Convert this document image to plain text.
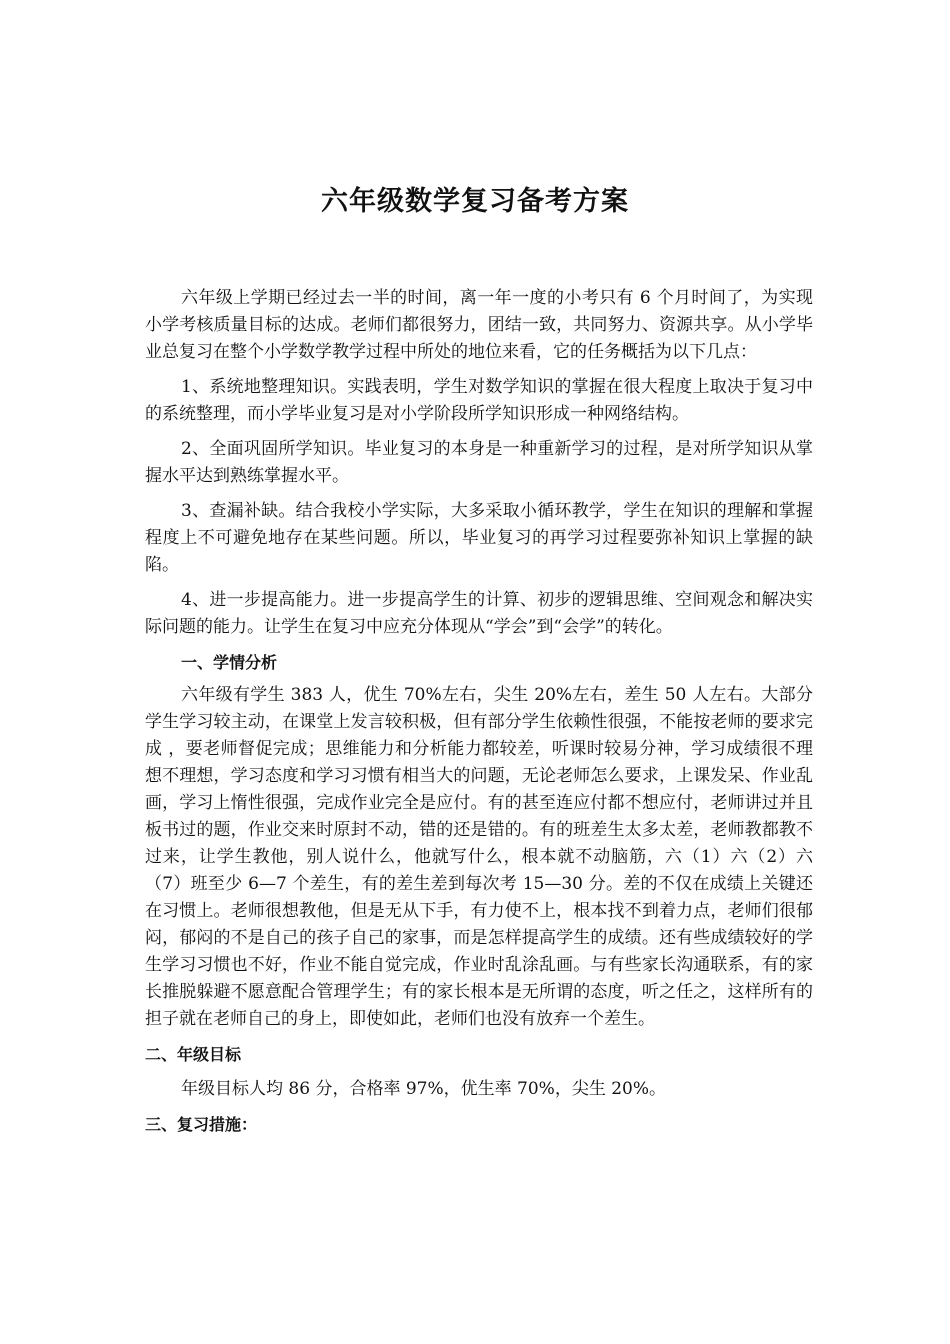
六年级数学复习备考方案

六年级上学期已经过去一半的时间，离一年一度的小考只有 6 个月时间了，为实现小学考核质量目标的达成。老师们都很努力，团结一致，共同努力、资源共享。从小学毕业总复习在整个小学数学教学过程中所处的地位来看，它的任务概括为以下几点：

1、系统地整理知识。实践表明，学生对数学知识的掌握在很大程度上取决于复习中的系统整理，而小学毕业复习是对小学阶段所学知识形成一种网络结构。

2、全面巩固所学知识。毕业复习的本身是一种重新学习的过程，是对所学知识从掌握水平达到熟练掌握水平。

3、查漏补缺。结合我校小学实际，大多采取小循环教学，学生在知识的理解和掌握程度上不可避免地存在某些问题。所以，毕业复习的再学习过程要弥补知识上掌握的缺陷。

4、进一步提高能力。进一步提高学生的计算、初步的逻辑思维、空间观念和解决实际问题的能力。让学生在复习中应充分体现从“学会”到“会学”的转化。

一、学情分析

六年级有学生 383 人，优生 70%左右，尖生 20%左右，差生 50 人左右。大部分学生学习较主动，在课堂上发言较积极，但有部分学生依赖性很强，不能按老师的要求完成 ，要老师督促完成；思维能力和分析能力都较差，听课时较易分神，学习成绩很不理想不理想，学习态度和学习习惯有相当大的问题，无论老师怎么要求，上课发呆、作业乱画，学习上惰性很强，完成作业完全是应付。有的甚至连应付都不想应付，老师讲过并且板书过的题，作业交来时原封不动，错的还是错的。有的班差生太多太差，老师教都教不过来，让学生教他，别人说什么，他就写什么，根本就不动脑筋，六（1）六（2）六（7）班至少 6—7 个差生，有的差生差到每次考 15—30 分。差的不仅在成绩上关键还在习惯上。老师很想教他，但是无从下手，有力使不上，根本找不到着力点，老师们很郁闷，郁闷的不是自己的孩子自己的家事，而是怎样提高学生的成绩。还有些成绩较好的学生学习习惯也不好，作业不能自觉完成，作业时乱涂乱画。与有些家长沟通联系，有的家长推脱躲避不愿意配合管理学生；有的家长根本是无所谓的态度，听之任之，这样所有的担子就在老师自己的身上，即使如此，老师们也没有放弃一个差生。

二、年级目标

年级目标人均 86 分，合格率 97%，优生率 70%，尖生 20%。

三、复习措施：
